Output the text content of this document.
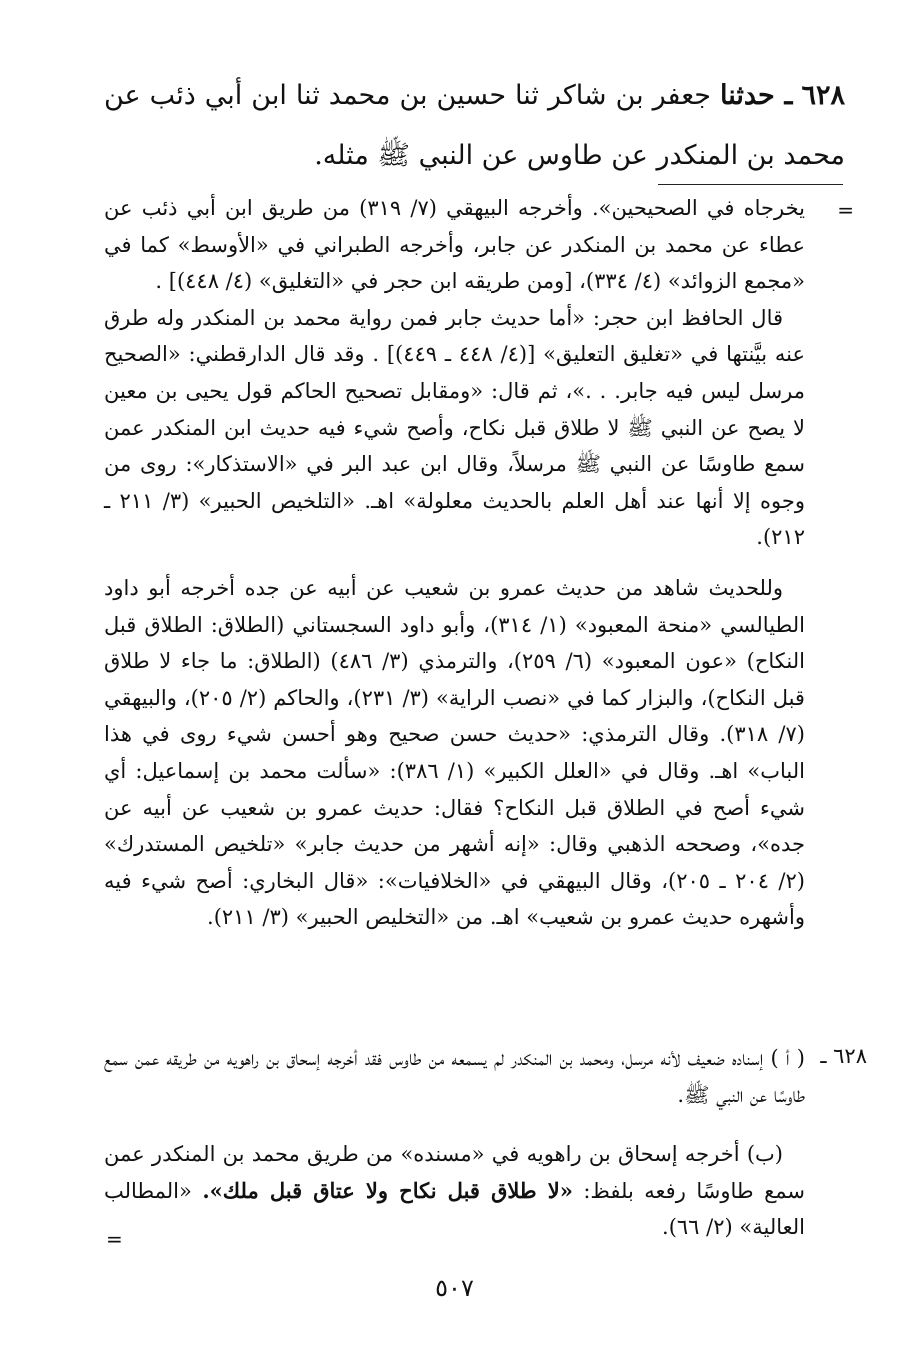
٦٢٨ ـ حدثنا جعفر بن شاكر ثنا حسين بن محمد ثنا ابن أبي ذئب عن محمد بن المنكدر عن طاوس عن النبي ﷺ مثله.
=

يخرجاه في الصحيحين». وأخرجه البيهقي (٧/ ٣١٩) من طريق ابن أبي ذئب عن عطاء عن محمد بن المنكدر عن جابر، وأخرجه الطبراني في «الأوسط» كما في «مجمع الزوائد» (٤/ ٣٣٤)، [ومن طريقه ابن حجر في «التغليق» (٤/ ٤٤٨)] .

قال الحافظ ابن حجر: «أما حديث جابر فمن رواية محمد بن المنكدر وله طرق عنه بيَّنتها في «تغليق التعليق» [(٤/ ٤٤٨ ـ ٤٤٩)] . وقد قال الدارقطني: «الصحيح مرسل ليس فيه جابر. . .»، ثم قال: «ومقابل تصحيح الحاكم قول يحيى بن معين لا يصح عن النبي ﷺ لا طلاق قبل نكاح، وأصح شيء فيه حديث ابن المنكدر عمن سمع طاوسًا عن النبي ﷺ مرسلاً، وقال ابن عبد البر في «الاستذكار»: روى من وجوه إلا أنها عند أهل العلم بالحديث معلولة» اهـ. «التلخيص الحبير» (٣/ ٢١١ ـ ٢١٢).

وللحديث شاهد من حديث عمرو بن شعيب عن أبيه عن جده أخرجه أبو داود الطيالسي «منحة المعبود» (١/ ٣١٤)، وأبو داود السجستاني (الطلاق: الطلاق قبل النكاح) «عون المعبود» (٦/ ٢٥٩)، والترمذي (٣/ ٤٨٦) (الطلاق: ما جاء لا طلاق قبل النكاح)، والبزار كما في «نصب الراية» (٣/ ٢٣١)، والحاكم (٢/ ٢٠٥)، والبيهقي (٧/ ٣١٨). وقال الترمذي: «حديث حسن صحيح وهو أحسن شيء روى في هذا الباب» اهـ. وقال في «العلل الكبير» (١/ ٣٨٦): «سألت محمد بن إسماعيل: أي شيء أصح في الطلاق قبل النكاح؟ فقال: حديث عمرو بن شعيب عن أبيه عن جده»، وصححه الذهبي وقال: «إنه أشهر من حديث جابر» «تلخيص المستدرك» (٢/ ٢٠٤ ـ ٢٠٥)، وقال البيهقي في «الخلافيات»: «قال البخاري: أصح شيء فيه وأشهره حديث عمرو بن شعيب» اهـ. من «التخليص الحبير» (٣/ ٢١١).

٦٢٨ ـ

( أ ) إسناده ضعيف لأنه مرسل، ومحمد بن المنكدر لم يسمعه من طاوس فقد أخرجه إسحاق بن راهويه من طريقه عمن سمع طاوسًا عن النبي ﷺ.

(ب) أخرجه إسحاق بن راهويه في «مسنده» من طريق محمد بن المنكدر عمن سمع طاوسًا رفعه بلفظ: «لا طلاق قبل نكاح ولا عتاق قبل ملك». «المطالب العالية» (٢/ ٦٦).

=
٥٠٧
